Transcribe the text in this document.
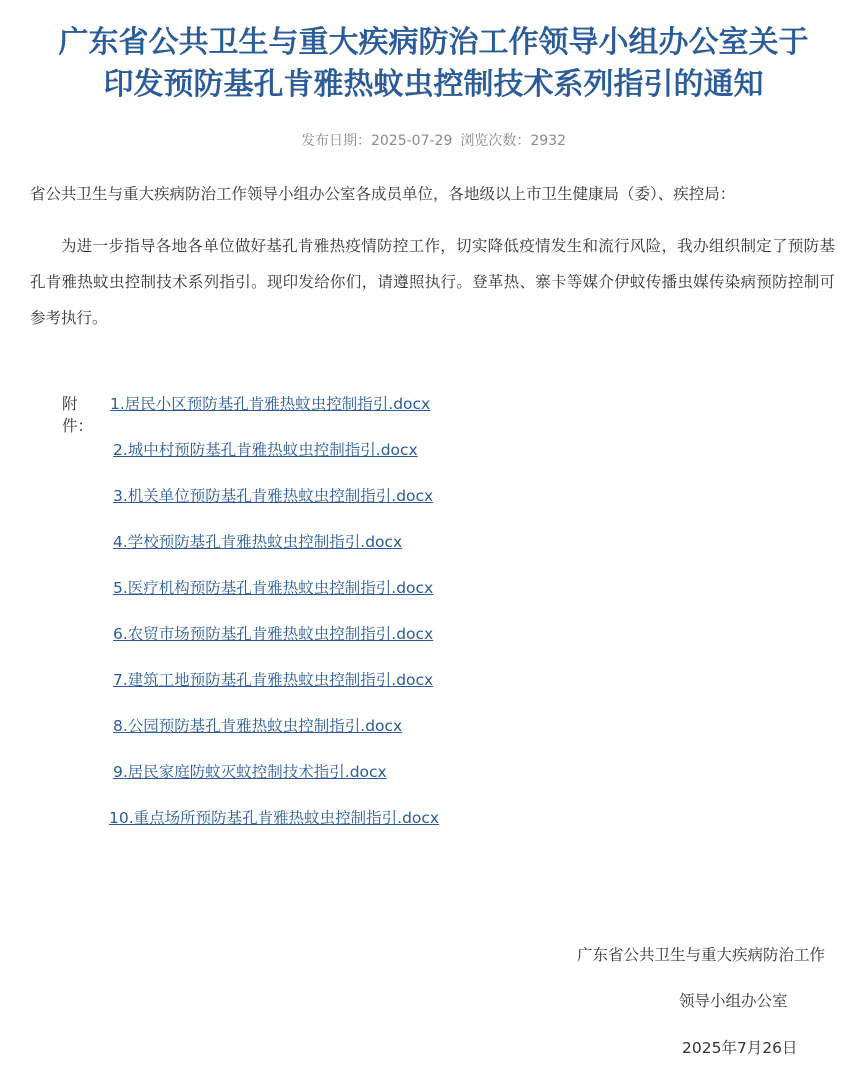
广东省公共卫生与重大疾病防治工作领导小组办公室关于
印发预防基孔肯雅热蚊虫控制技术系列指引的通知
发布日期：2025-07-29 浏览次数：2932
省公共卫生与重大疾病防治工作领导小组办公室各成员单位，各地级以上市卫生健康局（委）、疾控局：
为进一步指导各地各单位做好基孔肯雅热疫情防控工作，切实降低疫情发生和流行风险，我办组织制定了预防基孔肯雅热蚊虫控制技术系列指引。现印发给你们，请遵照执行。登革热、寨卡等媒介伊蚊传播虫媒传染病预防控制可参考执行。
附件：
1.居民小区预防基孔肯雅热蚊虫控制指引.docx
2.城中村预防基孔肯雅热蚊虫控制指引.docx
3.机关单位预防基孔肯雅热蚊虫控制指引.docx
4.学校预防基孔肯雅热蚊虫控制指引.docx
5.医疗机构预防基孔肯雅热蚊虫控制指引.docx
6.农贸市场预防基孔肯雅热蚊虫控制指引.docx
7.建筑工地预防基孔肯雅热蚊虫控制指引.docx
8.公园预防基孔肯雅热蚊虫控制指引.docx
9.居民家庭防蚊灭蚊控制技术指引.docx
10.重点场所预防基孔肯雅热蚊虫控制指引.docx
广东省公共卫生与重大疾病防治工作
领导小组办公室
2025年7月26日
